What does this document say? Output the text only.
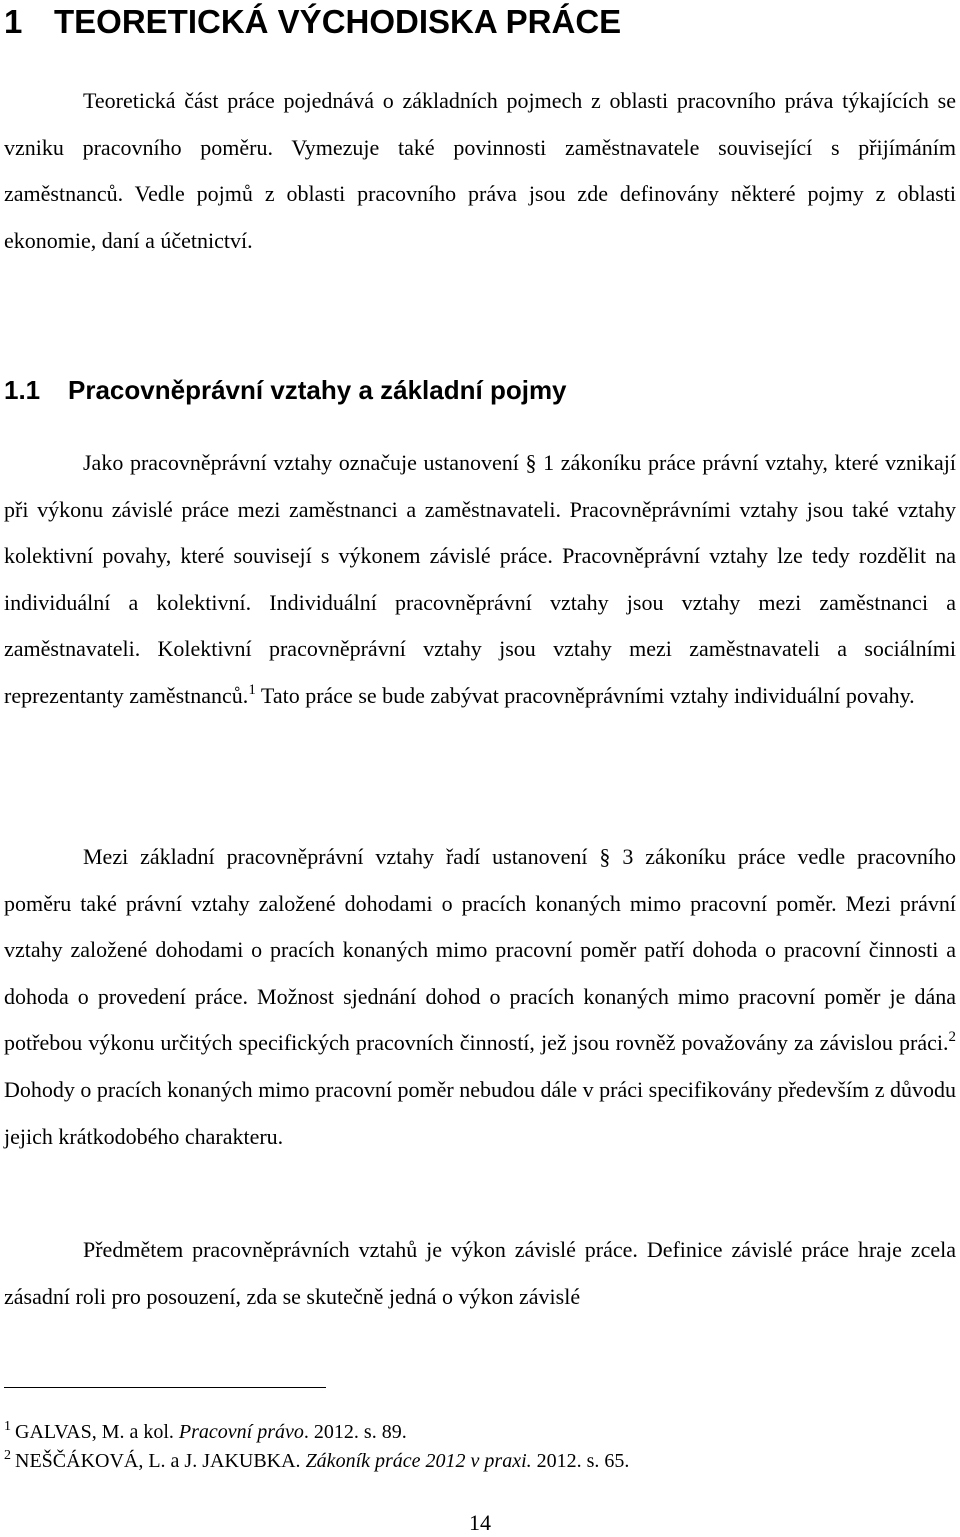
1 TEORETICKÁ VÝCHODISKA PRÁCE

Teoretická část práce pojednává o základních pojmech z oblasti pracovního práva týkajících se vzniku pracovního poměru. Vymezuje také povinnosti zaměstnavatele související s přijímáním zaměstnanců. Vedle pojmů z oblasti pracovního práva jsou zde definovány některé pojmy z oblasti ekonomie, daní a účetnictví.

1.1 Pracovněprávní vztahy a základní pojmy

Jako pracovněprávní vztahy označuje ustanovení § 1 zákoníku práce právní vztahy, které vznikají při výkonu závislé práce mezi zaměstnanci a zaměstnavateli. Pracovněprávními vztahy jsou také vztahy kolektivní povahy, které souvisejí s výkonem závislé práce. Pracovněprávní vztahy lze tedy rozdělit na individuální a kolektivní. Individuální pracovněprávní vztahy jsou vztahy mezi zaměstnanci a zaměstnavateli. Kolektivní pracovněprávní vztahy jsou vztahy mezi zaměstnavateli a sociálními reprezentanty zaměstnanců.$^1$ Tato práce se bude zabývat pracovněprávními vztahy individuální povahy.

Mezi základní pracovněprávní vztahy řadí ustanovení § 3 zákoníku práce vedle pracovního poměru také právní vztahy založené dohodami o pracích konaných mimo pracovní poměr. Mezi právní vztahy založené dohodami o pracích konaných mimo pracovní poměr patří dohoda o pracovní činnosti a dohoda o provedení práce. Možnost sjednání dohod o pracích konaných mimo pracovní poměr je dána potřebou výkonu určitých specifických pracovních činností, jež jsou rovněž považovány za závislou práci.$^2$ Dohody o pracích konaných mimo pracovní poměr nebudou dále v práci specifikovány především z důvodu jejich krátkodobého charakteru.

Předmětem pracovněprávních vztahů je výkon závislé práce. Definice závislé práce hraje zcela zásadní roli pro posouzení, zda se skutečně jedná o výkon závislé

$^1$ GALVAS, M. a kol. Pracovní právo. 2012. s. 89.
$^2$ NEŠČÁKOVÁ, L. a J. JAKUBKA. Zákoník práce 2012 v praxi. 2012. s. 65.
14
